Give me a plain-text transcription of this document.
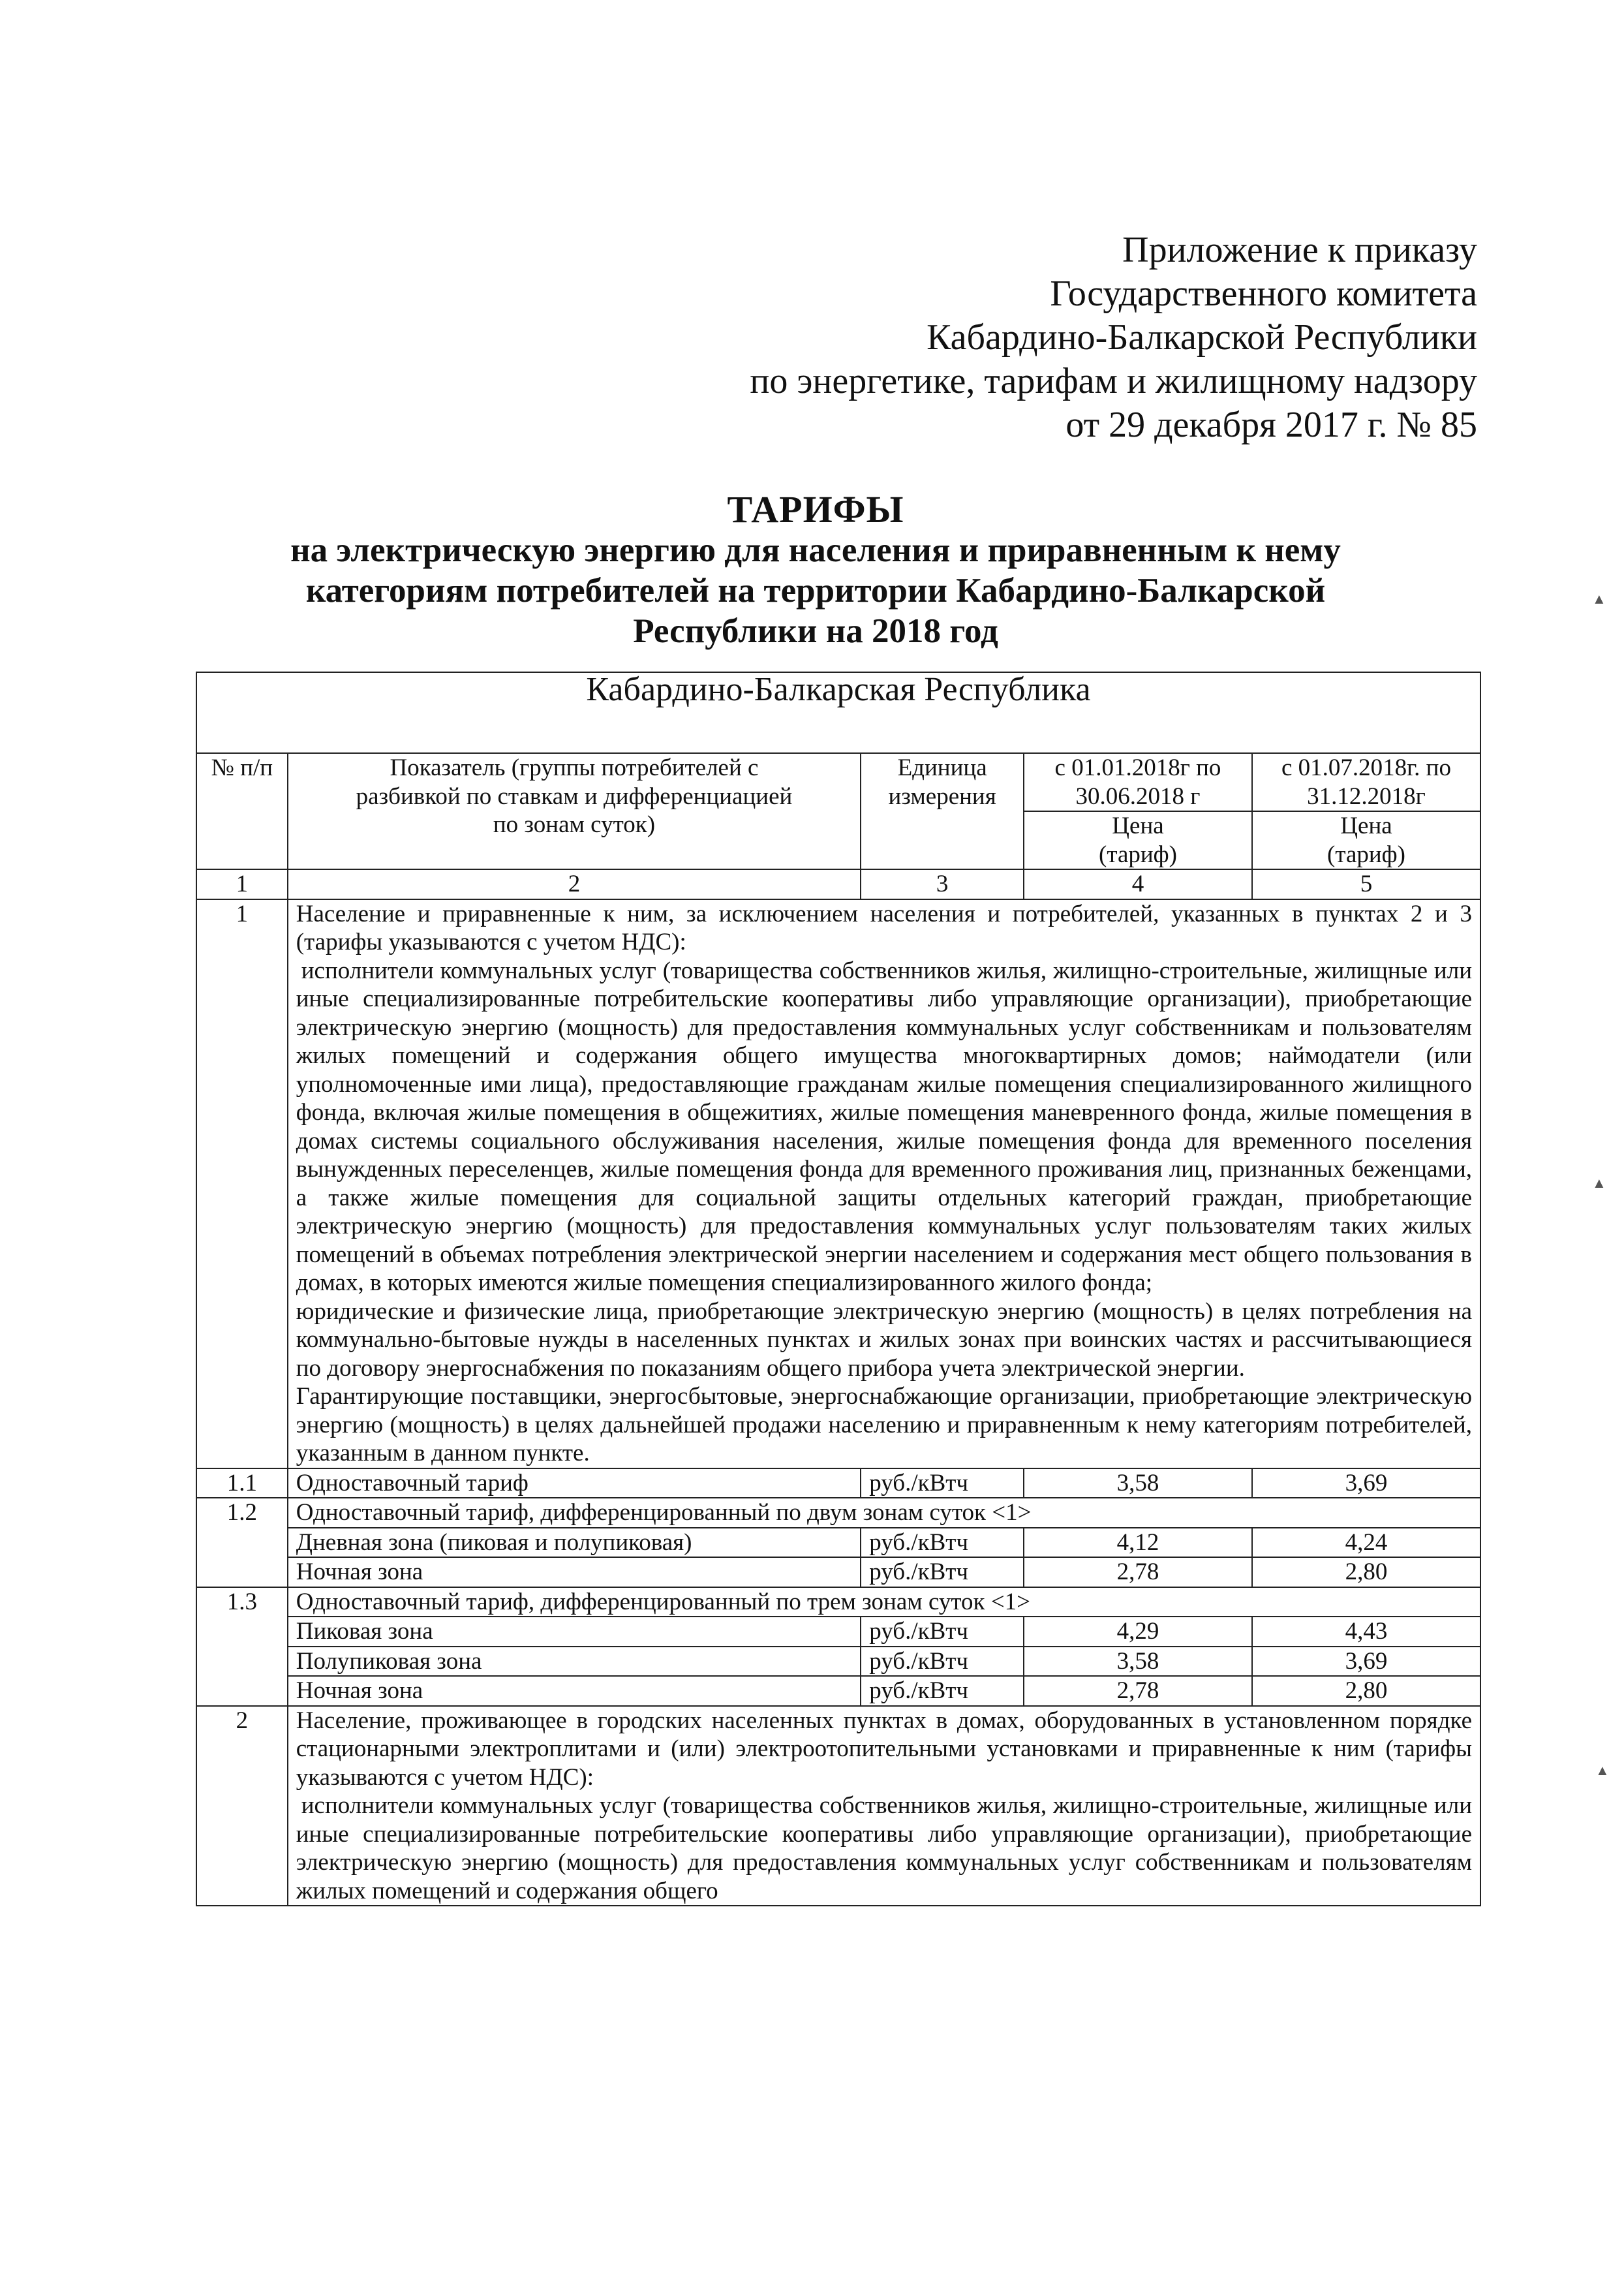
Приложение к приказу
Государственного комитета
Кабардино-Балкарской Республики
по энергетике, тарифам и жилищному надзору
от 29 декабря 2017 г. № 85
ТАРИФЫ
на электрическую энергию для населения и приравненным к нему
категориям потребителей на территории Кабардино-Балкарской
Республики на 2018 год
Кабардино-Балкарская Республика				
№ п/п	Показатель (группы потребителей с разбивкой по ставкам и дифференциацией по зонам суток)	Единица измерения	с 01.01.2018г по 30.06.2018 г	с 01.07.2018г. по 31.12.2018г

			Цена (тариф)	Цена (тариф)

1	2	3	4	5
1	Население и приравненные к ним, за исключением населения и потребителей, указанных в пунктах 2 и 3 (тарифы указываются с учетом НДС):

исполнители коммунальных услуг (товарищества собственников жилья, жилищно-строительные, жилищные или иные специализированные потребительские кооперативы либо управляющие организации), приобретающие электрическую энергию (мощность) для предоставления коммунальных услуг собственникам и пользователям жилых помещений и содержания общего имущества многоквартирных домов; наймодатели (или уполномоченные ими лица), предоставляющие гражданам жилые помещения специализированного жилищного фонда, включая жилые помещения в общежитиях, жилые помещения маневренного фонда, жилые помещения в домах системы социального обслуживания населения, жилые помещения фонда для временного поселения вынужденных переселенцев, жилые помещения фонда для временного проживания лиц, признанных беженцами, а также жилые помещения для социальной защиты отдельных категорий граждан, приобретающие электрическую энергию (мощность) для предоставления коммунальных услуг пользователям таких жилых помещений в объемах потребления электрической энергии населением и содержания мест общего пользования в домах, в которых имеются жилые помещения специализированного жилого фонда;

юридические и физические лица, приобретающие электрическую энергию (мощность) в целях потребления на коммунально-бытовые нужды в населенных пунктах и жилых зонах при воинских частях и рассчитывающиеся по договору энергоснабжения по показаниям общего прибора учета электрической энергии.

Гарантирующие поставщики, энергосбытовые, энергоснабжающие организации, приобретающие электрическую энергию (мощность) в целях дальнейшей продажи населению и приравненным к нему категориям потребителей, указанным в данном пункте.			

1.1	Одноставочный тариф	руб./кВтч	3,58	3,69
1.2	Одноставочный тариф, дифференцированный по двум зонам суток <1>			
	Дневная зона (пиковая и полупиковая)	руб./кВтч	4,12	4,24
	Ночная зона	руб./кВтч	2,78	2,80
1.3	Одноставочный тариф, дифференцированный по трем зонам суток <1>			
	Пиковая зона	руб./кВтч	4,29	4,43
	Полупиковая зона	руб./кВтч	3,58	3,69
	Ночная зона	руб./кВтч	2,78	2,80
2	Население, проживающее в городских населенных пунктах в домах, оборудованных в установленном порядке стационарными электроплитами и (или) электроотопительными установками и приравненные к ним (тарифы указываются с учетом НДС):

исполнители коммунальных услуг (товарищества собственников жилья, жилищно-строительные, жилищные или иные специализированные потребительские кооперативы либо управляющие организации), приобретающие электрическую энергию (мощность) для предоставления коммунальных услуг собственникам и пользователям жилых помещений и содержания общего			

▲
▲
▲
